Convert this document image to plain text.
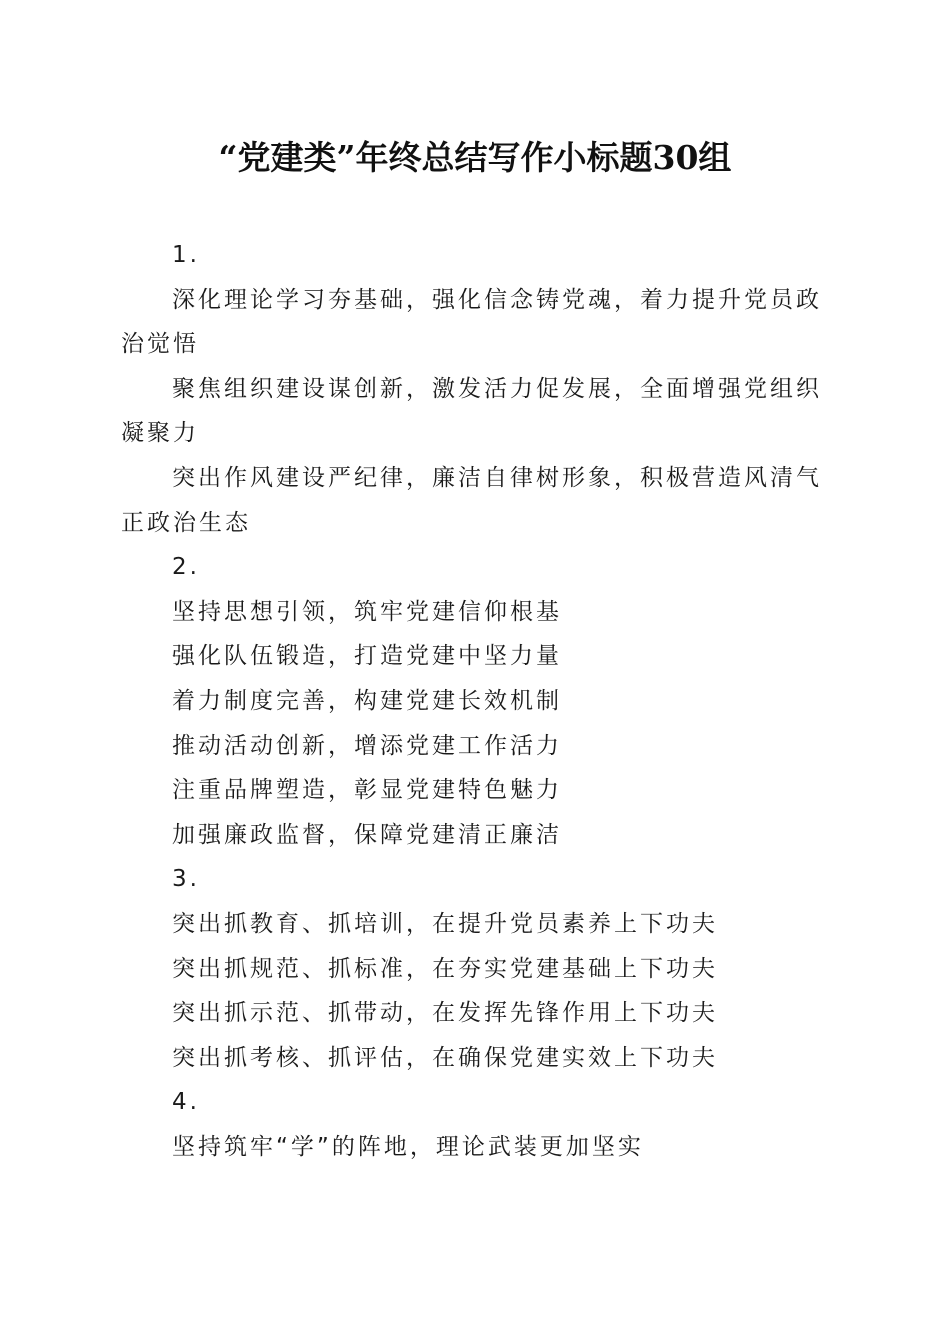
“党建类”年终总结写作小标题30组

1.

深化理论学习夯基础，强化信念铸党魂，着力提升党员政治觉悟

聚焦组织建设谋创新，激发活力促发展，全面增强党组织凝聚力

突出作风建设严纪律，廉洁自律树形象，积极营造风清气正政治生态

2.

坚持思想引领，筑牢党建信仰根基

强化队伍锻造，打造党建中坚力量

着力制度完善，构建党建长效机制

推动活动创新，增添党建工作活力

注重品牌塑造，彰显党建特色魅力

加强廉政监督，保障党建清正廉洁

3.

突出抓教育、抓培训，在提升党员素养上下功夫

突出抓规范、抓标准，在夯实党建基础上下功夫

突出抓示范、抓带动，在发挥先锋作用上下功夫

突出抓考核、抓评估，在确保党建实效上下功夫

4.

坚持筑牢“学”的阵地，理论武装更加坚实
